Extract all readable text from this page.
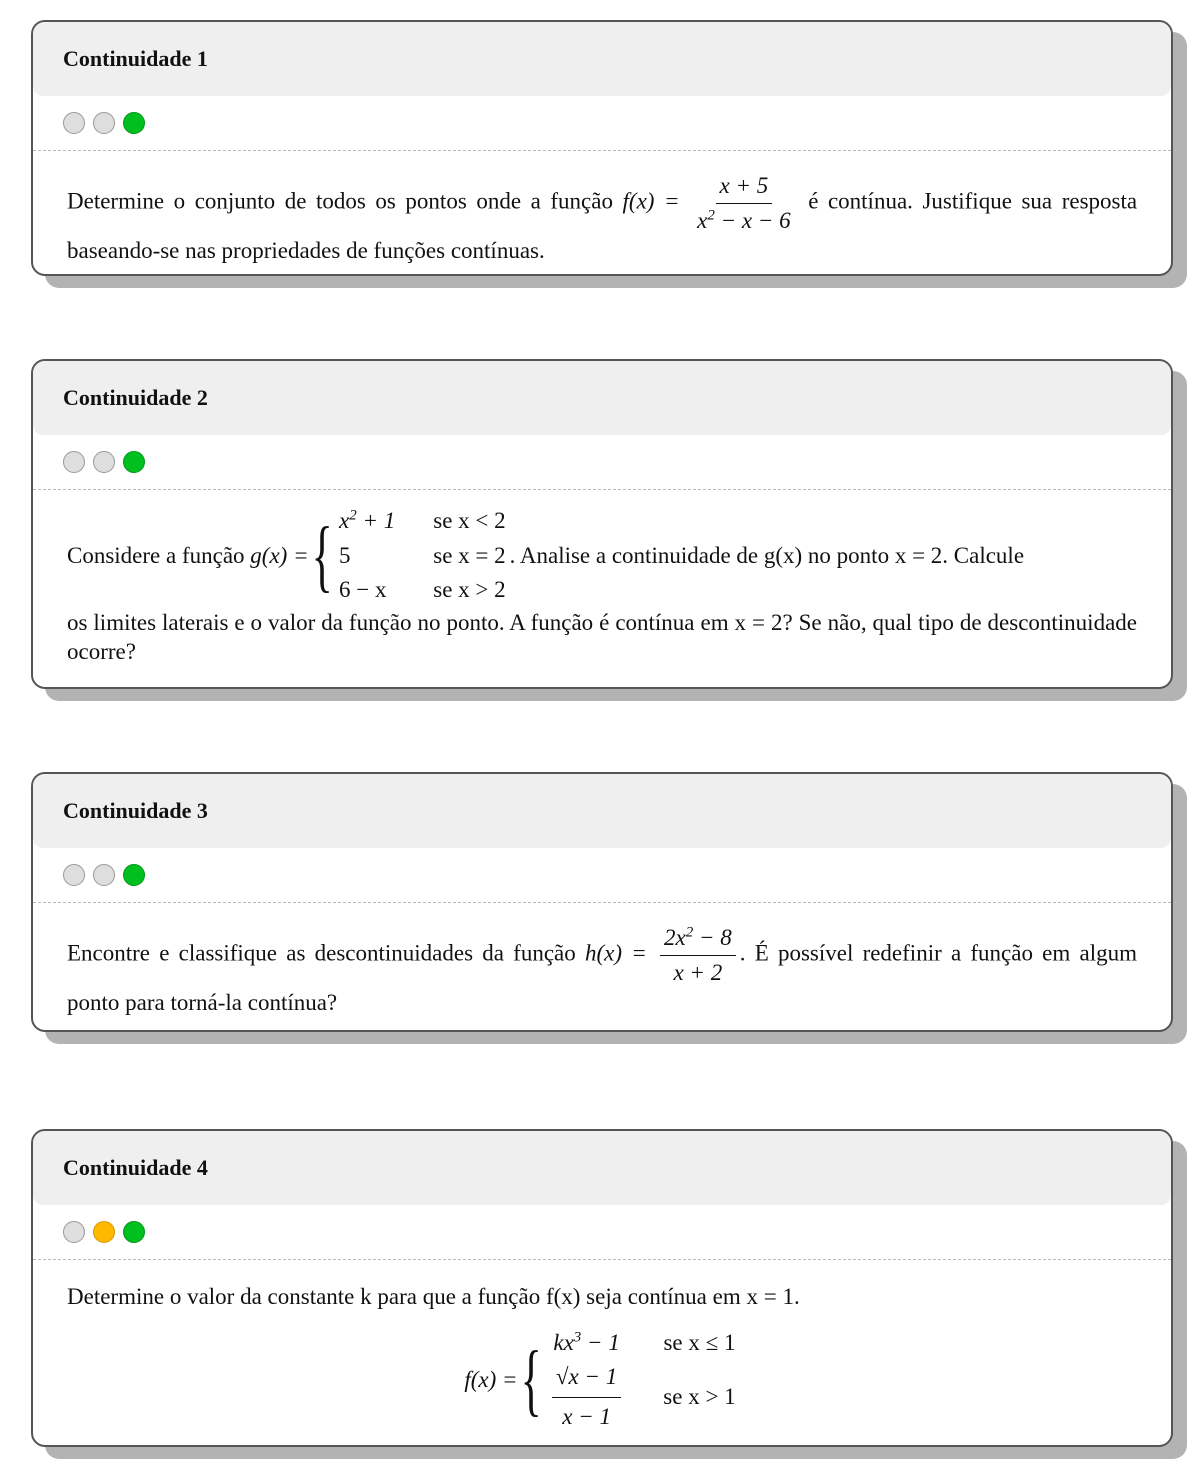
Continuidade 1
Determine o conjunto de todos os pontos onde a função $f(x) = \frac{x + 5}{x^2 - x - 6}$ é contínua. Justifique sua resposta baseando-se nas propriedades de funções contínuas.
Continuidade 2
Considere a função
g(x) = { $x^2 + 1$	se x < 2
5	se x = 2
6 − x	se x > 2
. Analise a continuidade de g(x) no ponto x = 2. Calcule
os limites laterais e o valor da função no ponto. A função é contínua em x = 2? Se não, qual tipo de descontinuidade ocorre?
Continuidade 3
Encontre e classifique as descontinuidades da função $h(x) = \frac{2x^2 - 8}{x + 2}$ . É possível redefinir a função em algum ponto para torná-la contínua?
Continuidade 4
Determine o valor da constante k para que a função f(x) seja contínua em x = 1.
f(x) = { $kx^3 - 1$	se x ≤ 1

$\frac{√x - 1}{x - 1}$	se x > 1
